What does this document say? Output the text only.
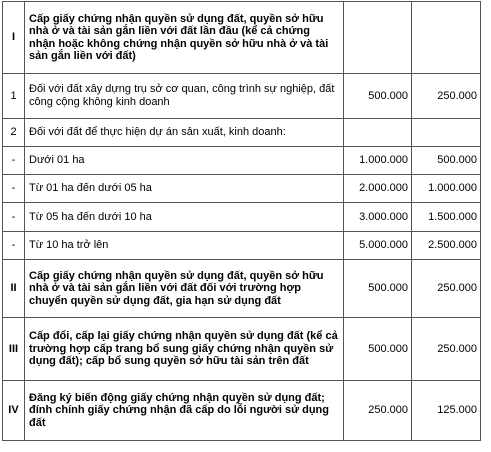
I	Cấp giấy chứng nhận quyền sử dụng đất, quyền sở hữu nhà ở và tài sản gắn liền với đất lần đầu (kể cả chứng nhận hoặc không chứng nhận quyền sở hữu nhà ở và tài sản gắn liền với đất)		
1	Đối với đất xây dựng trụ sở cơ quan, công trình sự nghiệp, đất công cộng không kinh doanh	500.000	250.000
2	Đối với đất để thực hiện dự án sản xuất, kinh doanh:		
-	Dưới 01 ha	1.000.000	500.000
-	Từ 01 ha đến dưới 05 ha	2.000.000	1.000.000
-	Từ 05 ha đến dưới 10 ha	3.000.000	1.500.000
-	Từ 10 ha trở lên	5.000.000	2.500.000
II	Cấp giấy chứng nhận quyền sử dụng đất, quyền sở hữu nhà ở và tài sản gắn liền với đất đối với trường hợp chuyển quyền sử dụng đất, gia hạn sử dụng đất	500.000	250.000
III	Cấp đổi, cấp lại giấy chứng nhận quyền sử dụng đất (kể cả trường hợp cấp trang bổ sung giấy chứng nhận quyền sử dụng đất); cấp bổ sung quyền sở hữu tài sản trên đất	500.000	250.000
IV	Đăng ký biến động giấy chứng nhận quyền sử dụng đất; đính chính giấy chứng nhận đã cấp do lỗi người sử dụng đất	250.000	125.000
